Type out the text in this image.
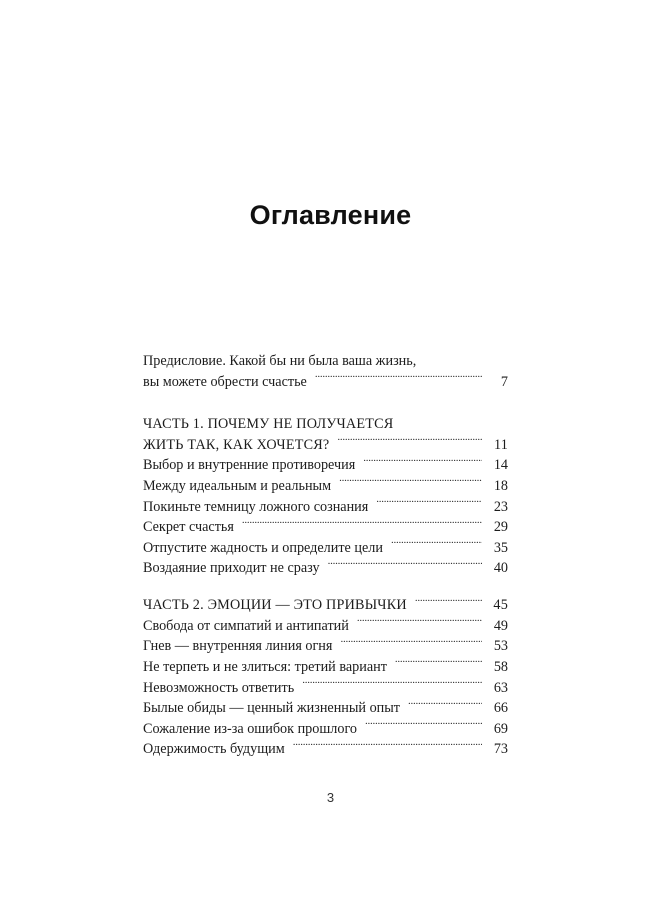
Оглавление
Предисловие. Какой бы ни была ваша жизнь,
вы можете обрести счастье . . .	7
ЧАСТЬ 1. ПОЧЕМУ НЕ ПОЛУЧАЕТСЯ
ЖИТЬ ТАК, КАК ХОЧЕТСЯ? . . .	11
Выбор и внутренние противоречия . . .	14
Между идеальным и реальным . . .	18
Покиньте темницу ложного сознания . . .	23
Секрет счастья . . .	29
Отпустите жадность и определите цели . . .	35
Воздаяние приходит не сразу . . .	40
ЧАСТЬ 2. ЭМОЦИИ — ЭТО ПРИВЫЧКИ . . .	45
Свобода от симпатий и антипатий . . .	49
Гнев — внутренняя линия огня . . .	53
Не терпеть и не злиться: третий вариант . . .	58
Невозможность ответить . . .	63
Былые обиды — ценный жизненный опыт . . .	66
Сожаление из-за ошибок прошлого . . .	69
Одержимость будущим . . .	73
3
